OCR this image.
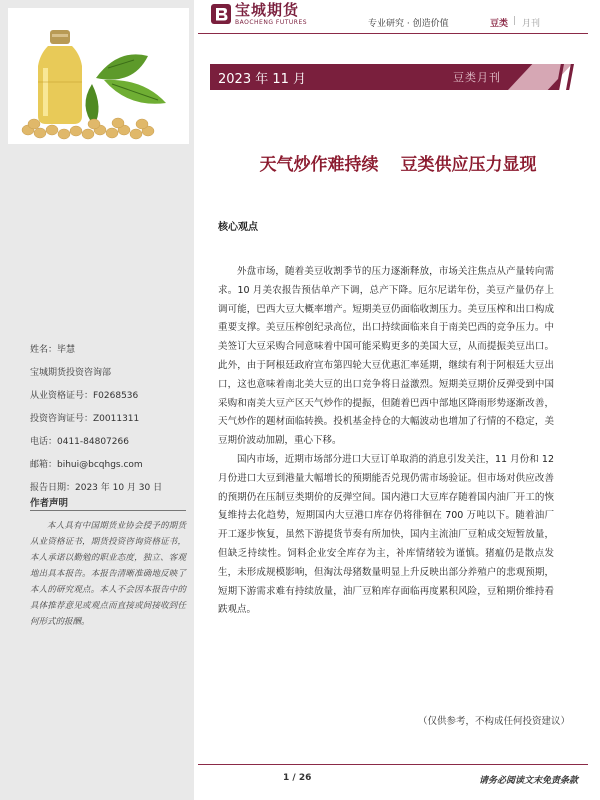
姓名：毕慧
宝城期货投资咨询部
从业资格证号：F0268536
投资咨询证号：Z0011311
电话：0411-84807266
邮箱：bihui@bcqhgs.com
报告日期：2023 年 10 月 30 日
作者声明
本人具有中国期货业协会授予的期货从业资格证书，期货投资咨询资格证书，本人承诺以勤勉的职业态度，独立、客观地出具本报告。本报告清晰准确地反映了本人的研究观点。本人不会因本报告中的具体推荐意见或观点而直接或间接收到任何形式的报酬。
宝城期货
BAOCHENG FUTURES	专业研究 · 创造价值	豆类 | 月刊
2023 年 11 月	豆类月刊
天气炒作难持续 豆类供应压力显现
核心观点

外盘市场，随着美豆收割季节的压力逐渐释放，市场关注焦点从产量转向需求。10 月美农报告预估单产下调，总产下降。厄尔尼诺年份，美豆产量仍存上调可能，巴西大豆大概率增产。短期美豆仍面临收割压力。美豆压榨和出口构成重要支撑。美豆压榨创纪录高位，出口持续面临来自于南美巴西的竞争压力。中美签订大豆采购合同意味着中国可能采购更多的美国大豆，从而提振美豆出口。此外，由于阿根廷政府宣布第四轮大豆优惠汇率延期，继续有利于阿根廷大豆出口，这也意味着南北美大豆的出口竞争将日益激烈。短期美豆期价反弹受到中国采购和南美大豆产区天气炒作的提振，但随着巴西中部地区降雨形势逐渐改善，天气炒作的题材面临转换。投机基金持仓的大幅波动也增加了行情的不稳定，美豆期价波动加剧，重心下移。

国内市场，近期市场部分进口大豆订单取消的消息引发关注，11 月份和 12 月份进口大豆到港量大幅增长的预期能否兑现仍需市场验证。但市场对供应改善的预期仍在压制豆类期价的反弹空间。国内港口大豆库存随着国内油厂开工的恢复维持去化趋势，短期国内大豆港口库存仍将徘徊在 700 万吨以下。随着油厂开工逐步恢复，虽然下游提货节奏有所加快，国内主流油厂豆粕成交短暂放量，但缺乏持续性。饲料企业安全库存为主，补库情绪较为谨慎。猪瘟仍是散点发生，未形成规模影响，但淘汰母猪数量明显上升反映出部分养殖户的悲观预期，短期下游需求难有持续放量，油厂豆粕库存面临再度累积风险，豆粕期价维持看跌观点。

（仅供参考，不构成任何投资建议）
1 / 26	请务必阅读文末免责条款
